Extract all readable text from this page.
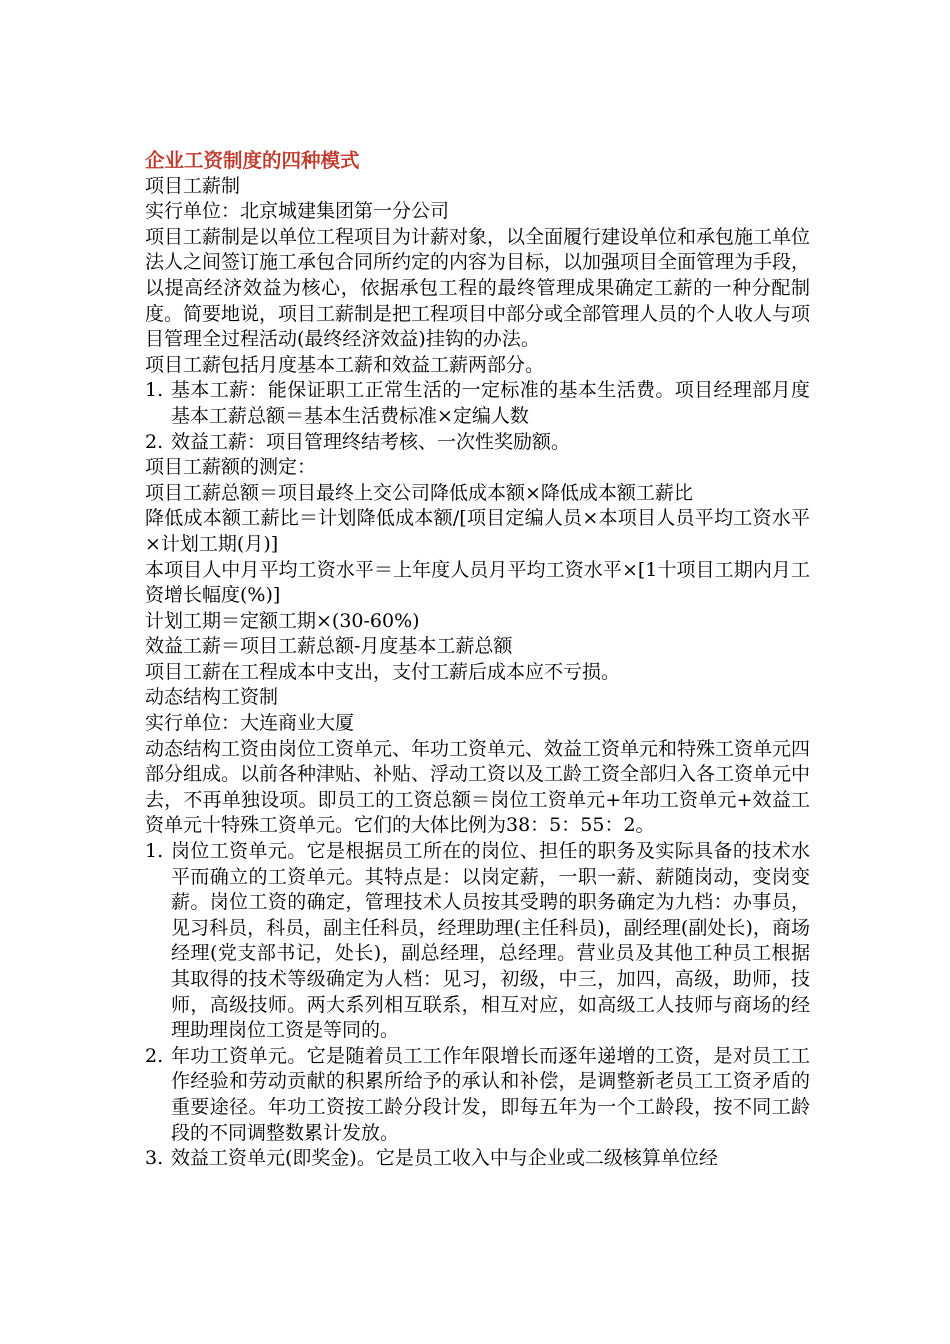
企业工资制度的四种模式

项目工薪制

实行单位：北京城建集团第一分公司

项目工薪制是以单位工程项目为计薪对象，以全面履行建设单位和承包施工单位法人之间签订施工承包合同所约定的内容为目标，以加强项目全面管理为手段，以提高经济效益为核心，依据承包工程的最终管理成果确定工薪的一种分配制度。简要地说，项目工薪制是把工程项目中部分或全部管理人员的个人收人与项目管理全过程活动(最终经济效益)挂钩的办法。

项目工薪包括月度基本工薪和效益工薪两部分。

1. 基本工薪：能保证职工正常生活的一定标准的基本生活费。项目经理部月度基本工薪总额＝基本生活费标准×定编人数
2. 效益工薪：项目管理终结考核、一次性奖励额。

项目工薪额的测定：

项目工薪总额＝项目最终上交公司降低成本额×降低成本额工薪比

降低成本额工薪比＝计划降低成本额/[项目定编人员×本项目人员平均工资水平×计划工期(月)]

本项目人中月平均工资水平＝上年度人员月平均工资水平×[1十项目工期内月工资增长幅度(%)]

计划工期＝定额工期×(30-60%)

效益工薪＝项目工薪总额-月度基本工薪总额

项目工薪在工程成本中支出，支付工薪后成本应不亏损。

动态结构工资制

实行单位：大连商业大厦

动态结构工资由岗位工资单元、年功工资单元、效益工资单元和特殊工资单元四部分组成。以前各种津贴、补贴、浮动工资以及工龄工资全部归入各工资单元中去，不再单独设项。即员工的工资总额＝岗位工资单元+年功工资单元+效益工资单元十特殊工资单元。它们的大体比例为38：5：55：2。

1. 岗位工资单元。它是根据员工所在的岗位、担任的职务及实际具备的技术水平而确立的工资单元。其特点是：以岗定薪，一职一薪、薪随岗动，变岗变薪。岗位工资的确定，管理技术人员按其受聘的职务确定为九档：办事员，见习科员，科员，副主任科员，经理助理(主任科员)，副经理(副处长)，商场经理(党支部书记，处长)，副总经理，总经理。营业员及其他工种员工根据其取得的技术等级确定为人档：见习，初级，中三，加四，高级，助师，技师，高级技师。两大系列相互联系，相互对应，如高级工人技师与商场的经理助理岗位工资是等同的。
2. 年功工资单元。它是随着员工工作年限增长而逐年递增的工资，是对员工工作经验和劳动贡献的积累所给予的承认和补偿，是调整新老员工工资矛盾的重要途径。年功工资按工龄分段计发，即每五年为一个工龄段，按不同工龄段的不同调整数累计发放。
3. 效益工资单元(即奖金)。它是员工收入中与企业或二级核算单位经
